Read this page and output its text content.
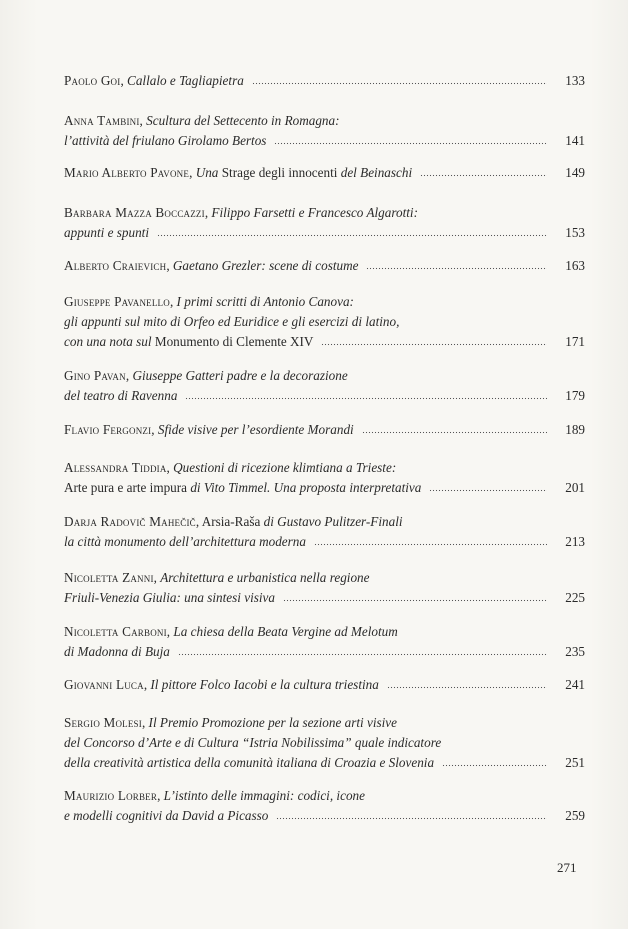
Paolo Goi, Callalo e Tagliapietra	133
Anna Tambini, Scultura del Settecento in Romagna:
l’attività del friulano Girolamo Bertos	141
Mario Alberto Pavone, Una Strage degli innocenti del Beinaschi	149
Barbara Mazza Boccazzi, Filippo Farsetti e Francesco Algarotti:
appunti e spunti	153
Alberto Craievich, Gaetano Grezler: scene di costume	163
Giuseppe Pavanello, I primi scritti di Antonio Canova:
gli appunti sul mito di Orfeo ed Euridice e gli esercizi di latino,
con una nota sul Monumento di Clemente XIV	171
Gino Pavan, Giuseppe Gatteri padre e la decorazione
del teatro di Ravenna	179
Flavio Fergonzi, Sfide visive per l’esordiente Morandi	189
Alessandra Tiddia, Questioni di ricezione klimtiana a Trieste:
Arte pura e arte impura di Vito Timmel. Una proposta interpretativa	201
Darja Radovič Mahečič, Arsia-Raša di Gustavo Pulitzer-Finali
la città monumento dell’architettura moderna	213
Nicoletta Zanni, Architettura e urbanistica nella regione
Friuli-Venezia Giulia: una sintesi visiva	225
Nicoletta Carboni, La chiesa della Beata Vergine ad Melotum
di Madonna di Buja	235
Giovanni Luca, Il pittore Folco Iacobi e la cultura triestina	241
Sergio Molesi, Il Premio Promozione per la sezione arti visive
del Concorso d’Arte e di Cultura “Istria Nobilissima” quale indicatore
della creatività artistica della comunità italiana di Croazia e Slovenia	251
Maurizio Lorber, L’istinto delle immagini: codici, icone
e modelli cognitivi da David a Picasso	259
271
